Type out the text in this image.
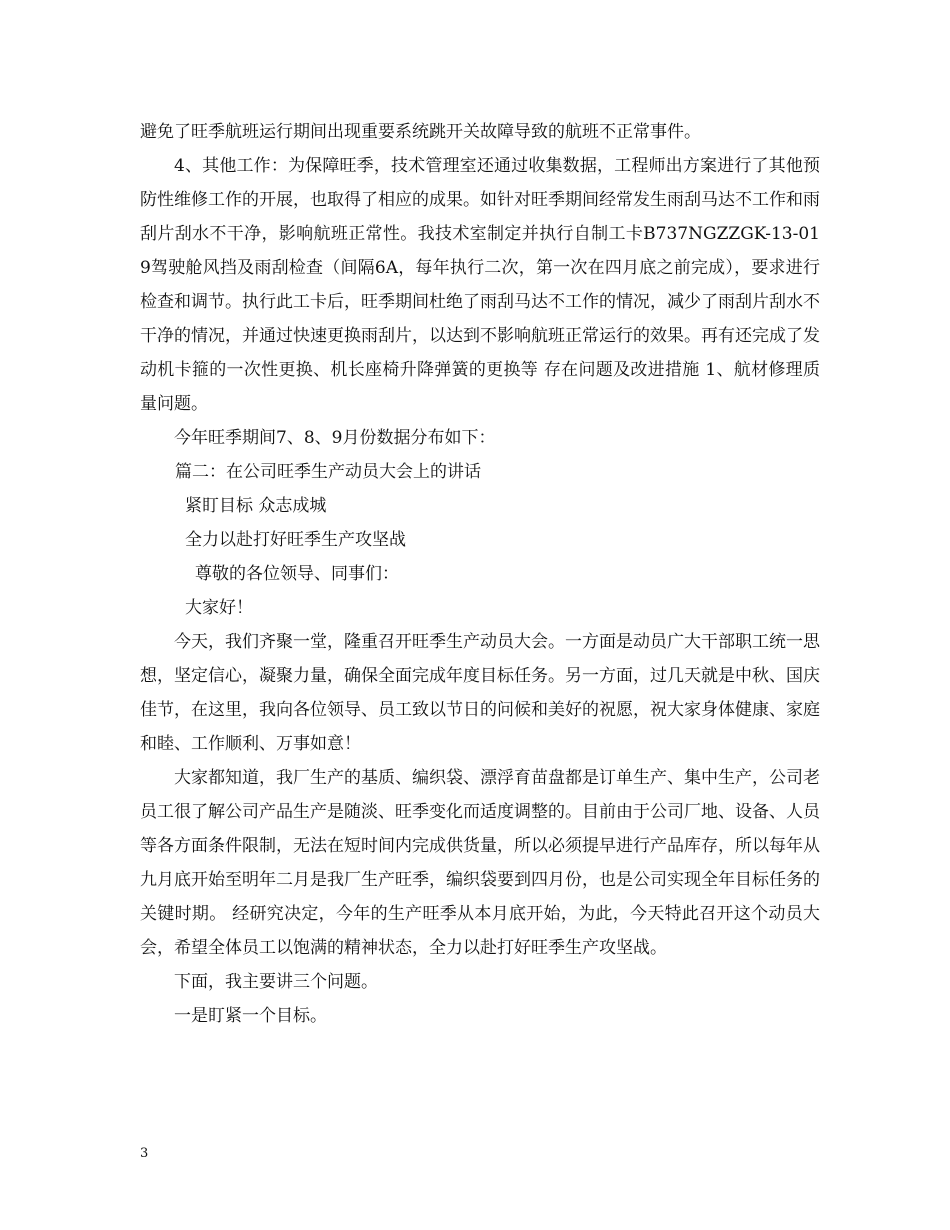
避免了旺季航班运行期间出现重要系统跳开关故障导致的航班不正常事件。

4、其他工作：为保障旺季，技术管理室还通过收集数据，工程师出方案进行了其他预防性维修工作的开展，也取得了相应的成果。如针对旺季期间经常发生雨刮马达不工作和雨刮片刮水不干净，影响航班正常性。我技术室制定并执行自制工卡B737NGZZGK-13-019驾驶舱风挡及雨刮检查（间隔6A，每年执行二次，第一次在四月底之前完成），要求进行检查和调节。执行此工卡后，旺季期间杜绝了雨刮马达不工作的情况，减少了雨刮片刮水不干净的情况，并通过快速更换雨刮片，以达到不影响航班正常运行的效果。再有还完成了发动机卡箍的一次性更换、机长座椅升降弹簧的更换等 存在问题及改进措施 1、航材修理质量问题。

今年旺季期间7、8、9月份数据分布如下：

篇二：在公司旺季生产动员大会上的讲话

紧盯目标 众志成城

全力以赴打好旺季生产攻坚战

尊敬的各位领导、同事们：

大家好！

今天，我们齐聚一堂，隆重召开旺季生产动员大会。一方面是动员广大干部职工统一思想，坚定信心，凝聚力量，确保全面完成年度目标任务。另一方面，过几天就是中秋、国庆佳节，在这里，我向各位领导、员工致以节日的问候和美好的祝愿，祝大家身体健康、家庭和睦、工作顺利、万事如意！

大家都知道，我厂生产的基质、编织袋、漂浮育苗盘都是订单生产、集中生产，公司老员工很了解公司产品生产是随淡、旺季变化而适度调整的。目前由于公司厂地、设备、人员等各方面条件限制，无法在短时间内完成供货量，所以必须提早进行产品库存，所以每年从九月底开始至明年二月是我厂生产旺季，编织袋要到四月份，也是公司实现全年目标任务的关键时期。 经研究决定，今年的生产旺季从本月底开始，为此，今天特此召开这个动员大会，希望全体员工以饱满的精神状态，全力以赴打好旺季生产攻坚战。

下面，我主要讲三个问题。

一是盯紧一个目标。

3
